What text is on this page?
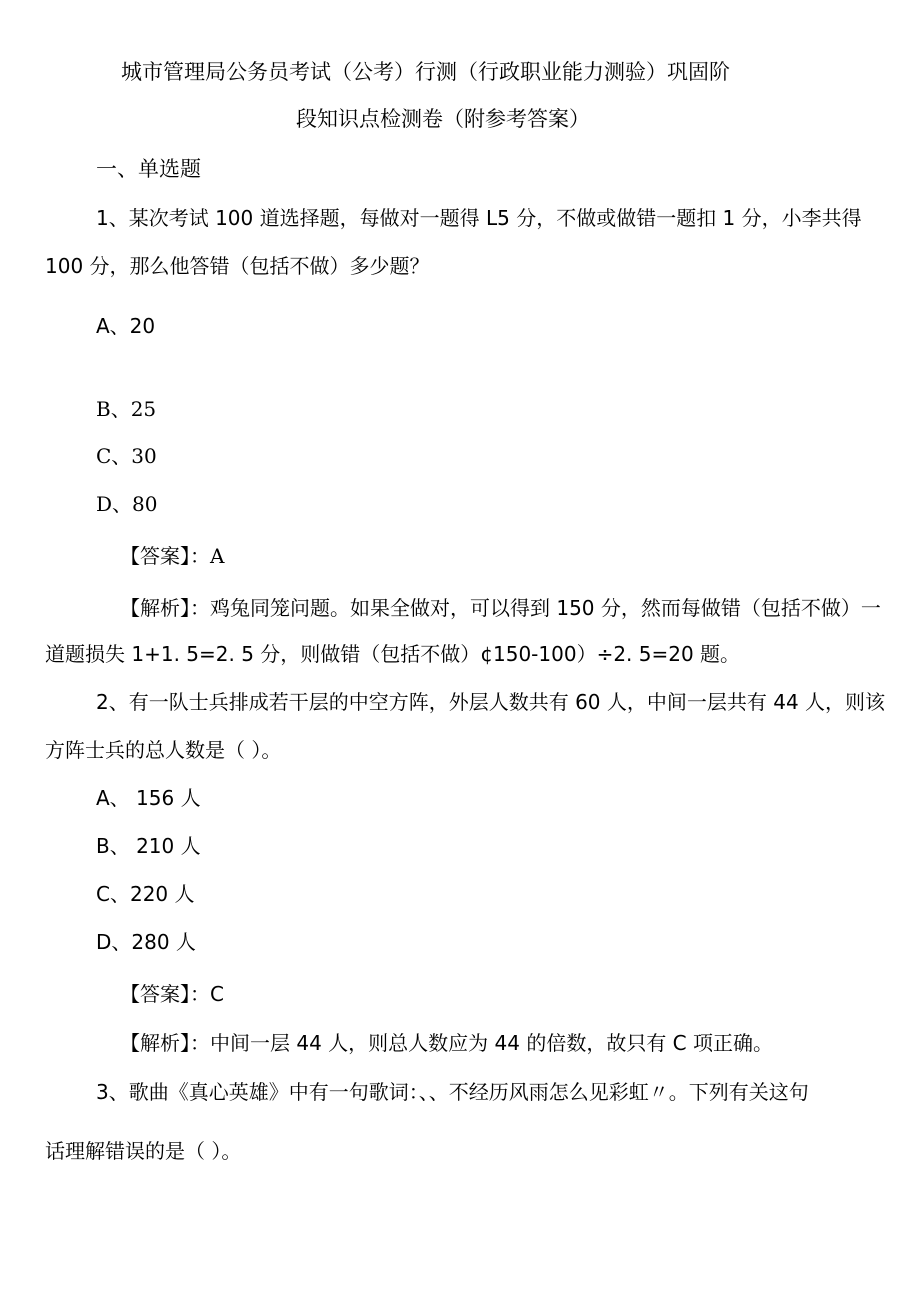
城市管理局公务员考试（公考）行测（行政职业能力测验）巩固阶
段知识点检测卷（附参考答案）
一、单选题
1、某次考试 100 道选择题，每做对一题得 L5 分，不做或做错一题扣 1 分，小李共得
100 分，那么他答错（包括不做）多少题？
A、20
B、25
C、30
D、80
【答案】：A
【解析】：鸡兔同笼问题。如果全做对，可以得到 150 分，然而每做错（包括不做）一
道题损失 1+1. 5=2. 5 分，则做错（包括不做）¢150-100）÷2. 5=20 题。
2、有一队士兵排成若干层的中空方阵，外层人数共有 60 人，中间一层共有 44 人，则该
方阵士兵的总人数是（ ）。
A、 156 人
B、 210 人
C、220 人
D、280 人
【答案】：C
【解析】：中间一层 44 人，则总人数应为 44 的倍数，故只有 C 项正确。
3、歌曲《真心英雄》中有一句歌词：、、不经历风雨怎么见彩虹〃。下列有关这句
话理解错误的是（ ）。
